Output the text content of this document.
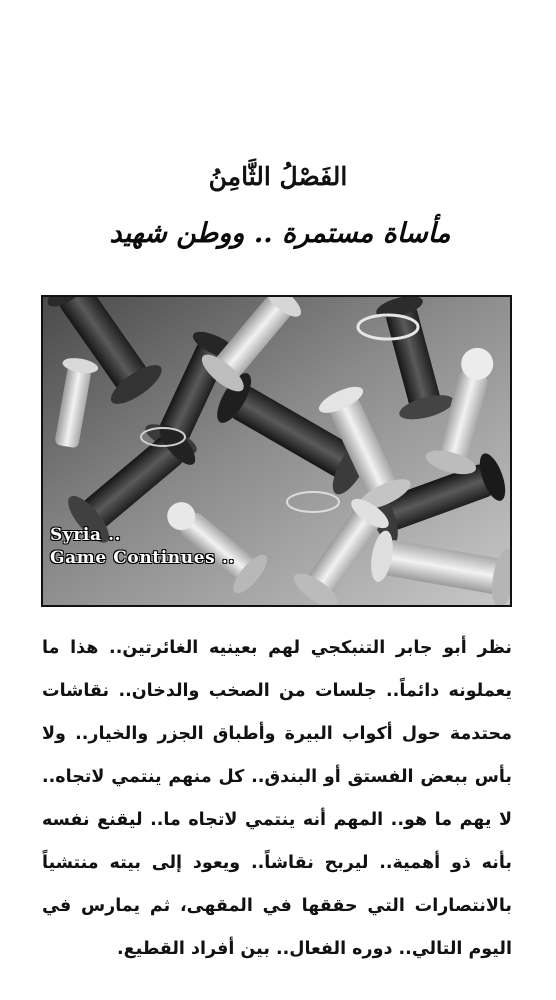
الفَصْلُ الثَّامِنُ
مأساة مستمرة .. ووطن شهيد
Syria ..
Game Continues ..
نظر أبو جابر التنبكجي لهم بعينيه الغائرتين.. هذا ما
يعملونه دائماً.. جلسات من الصخب والدخان.. نقاشات
محتدمة حول أكواب البيرة وأطباق الجزر والخيار.. ولا
بأس ببعض الفستق أو البندق.. كل منهم ينتمي لاتجاه..
لا يهم ما هو.. المهم أنه ينتمي لاتجاه ما.. ليقنع نفسه
بأنه ذو أهمية.. ليربح نقاشاً.. ويعود إلى بيته منتشياً
بالانتصارات التي حققها في المقهى، ثم يمارس في
اليوم التالي.. دوره الفعال.. بين أفراد القطيع.
